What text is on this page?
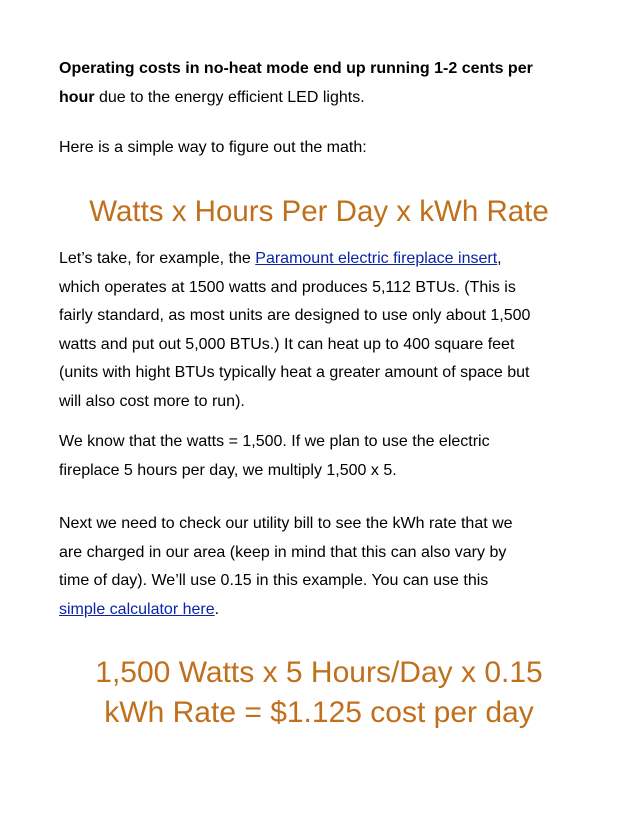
Operating costs in no-heat mode end up running 1-2 cents per
hour due to the energy efficient LED lights.

Here is a simple way to figure out the math:

Watts x Hours Per Day x kWh Rate

Let’s take, for example, the Paramount electric fireplace insert,
which operates at 1500 watts and produces 5,112 BTUs. (This is
fairly standard, as most units are designed to use only about 1,500
watts and put out 5,000 BTUs.) It can heat up to 400 square feet
(units with hight BTUs typically heat a greater amount of space but
will also cost more to run).

We know that the watts = 1,500. If we plan to use the electric
fireplace 5 hours per day, we multiply 1,500 x 5.

Next we need to check our utility bill to see the kWh rate that we
are charged in our area (keep in mind that this can also vary by
time of day). We’ll use 0.15 in this example. You can use this
simple calculator here.

1,500 Watts x 5 Hours/Day x 0.15
kWh Rate = $1.125 cost per day
